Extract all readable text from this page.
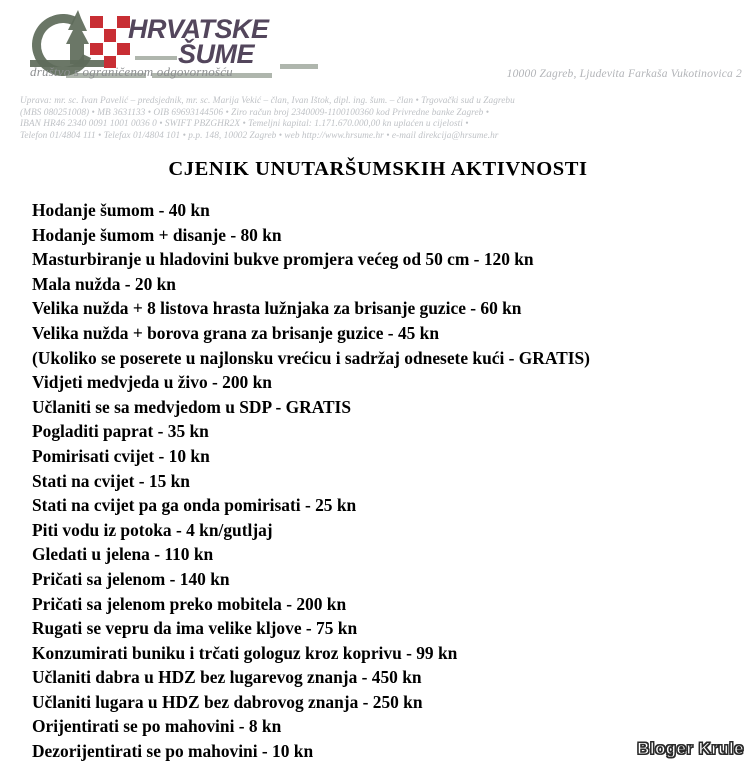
HRVATSKE
ŠUME
društvo s ograničenom odgovornošću	10000 Zagreb, Ljudevita Farkaša Vukotinovica 2
Uprava: mr. sc. Ivan Pavelić – predsjednik, mr. sc. Marija Vekić – član, Ivan Ištok, dipl. ing. šum. – član • Trgovački sud u Zagrebu
(MBS 080251008) • MB 3631133 • OIB 69693144506 • Žiro račun broj 2340009-1100100360 kod Privredne banke Zagreb •
IBAN HR46 2340 0091 1001 0036 0 • SWIFT PBZGHR2X • Temeljni kapital: 1.171.670.000,00 kn uplaćen u cijelosti •
Telefon 01/4804 111 • Telefax 01/4804 101 • p.p. 148, 10002 Zagreb • web http://www.hrsume.hr • e-mail direkcija@hrsume.hr
CJENIK UNUTARŠUMSKIH AKTIVNOSTI
Hodanje šumom - 40 kn
Hodanje šumom + disanje - 80 kn
Masturbiranje u hladovini bukve promjera većeg od 50 cm - 120 kn
Mala nužda - 20 kn
Velika nužda + 8 listova hrasta lužnjaka za brisanje guzice - 60 kn
Velika nužda + borova grana za brisanje guzice - 45 kn
(Ukoliko se poserete u najlonsku vrećicu i sadržaj odnesete kući - GRATIS)
Vidjeti medvjeda u živo - 200 kn
Učlaniti se sa medvjedom u SDP - GRATIS
Pogladiti paprat - 35 kn
Pomirisati cvijet - 10 kn
Stati na cvijet - 15 kn
Stati na cvijet pa ga onda pomirisati - 25 kn
Piti vodu iz potoka - 4 kn/gutljaj
Gledati u jelena - 110 kn
Pričati sa jelenom - 140 kn
Pričati sa jelenom preko mobitela - 200 kn
Rugati se vepru da ima velike kljove - 75 kn
Konzumirati buniku i trčati gologuz kroz koprivu - 99 kn
Učlaniti dabra u HDZ bez lugarevog znanja - 450 kn
Učlaniti lugara u HDZ bez dabrovog znanja - 250 kn
Orijentirati se po mahovini - 8 kn
Dezorijentirati se po mahovini - 10 kn	Bloger Krule
